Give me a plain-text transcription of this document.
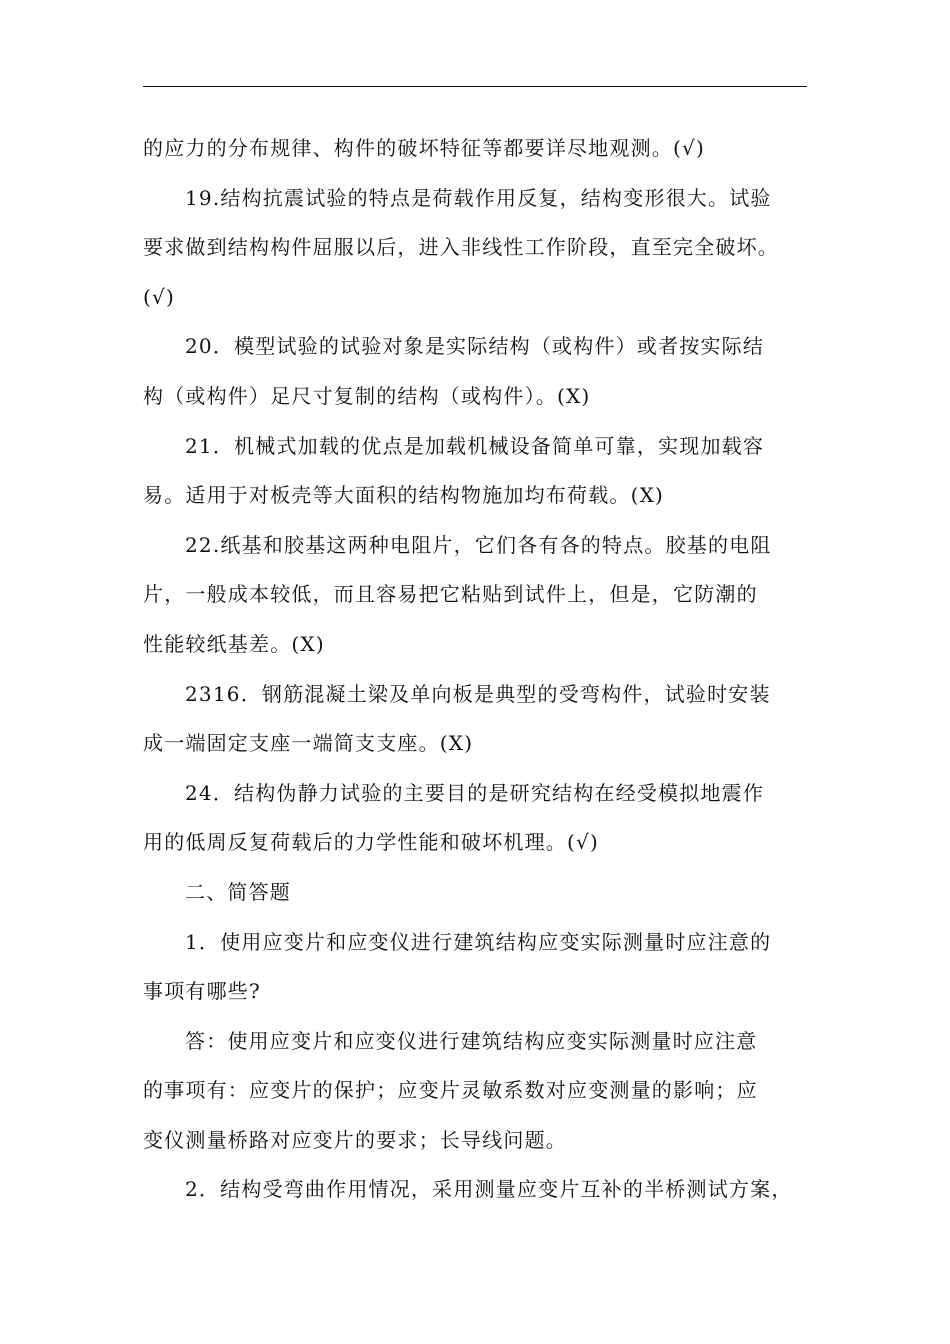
的应力的分布规律、构件的破坏特征等都要详尽地观测。(√)
19.结构抗震试验的特点是荷载作用反复，结构变形很大。试验
要求做到结构构件屈服以后，进入非线性工作阶段，直至完全破坏。
(√)
20．模型试验的试验对象是实际结构（或构件）或者按实际结
构（或构件）足尺寸复制的结构（或构件）。(X)
21．机械式加载的优点是加载机械设备简单可靠，实现加载容
易。适用于对板壳等大面积的结构物施加均布荷载。(X)
22.纸基和胶基这两种电阻片，它们各有各的特点。胶基的电阻
片，一般成本较低，而且容易把它粘贴到试件上，但是，它防潮的
性能较纸基差。(X)
2316．钢筋混凝土梁及单向板是典型的受弯构件，试验时安装
成一端固定支座一端简支支座。(X)
24．结构伪静力试验的主要目的是研究结构在经受模拟地震作
用的低周反复荷载后的力学性能和破坏机理。(√)
二、简答题
1．使用应变片和应变仪进行建筑结构应变实际测量时应注意的
事项有哪些?
答：使用应变片和应变仪进行建筑结构应变实际测量时应注意
的事项有：应变片的保护；应变片灵敏系数对应变测量的影响；应
变仪测量桥路对应变片的要求；长导线问题。
2．结构受弯曲作用情况，采用测量应变片互补的半桥测试方案，
